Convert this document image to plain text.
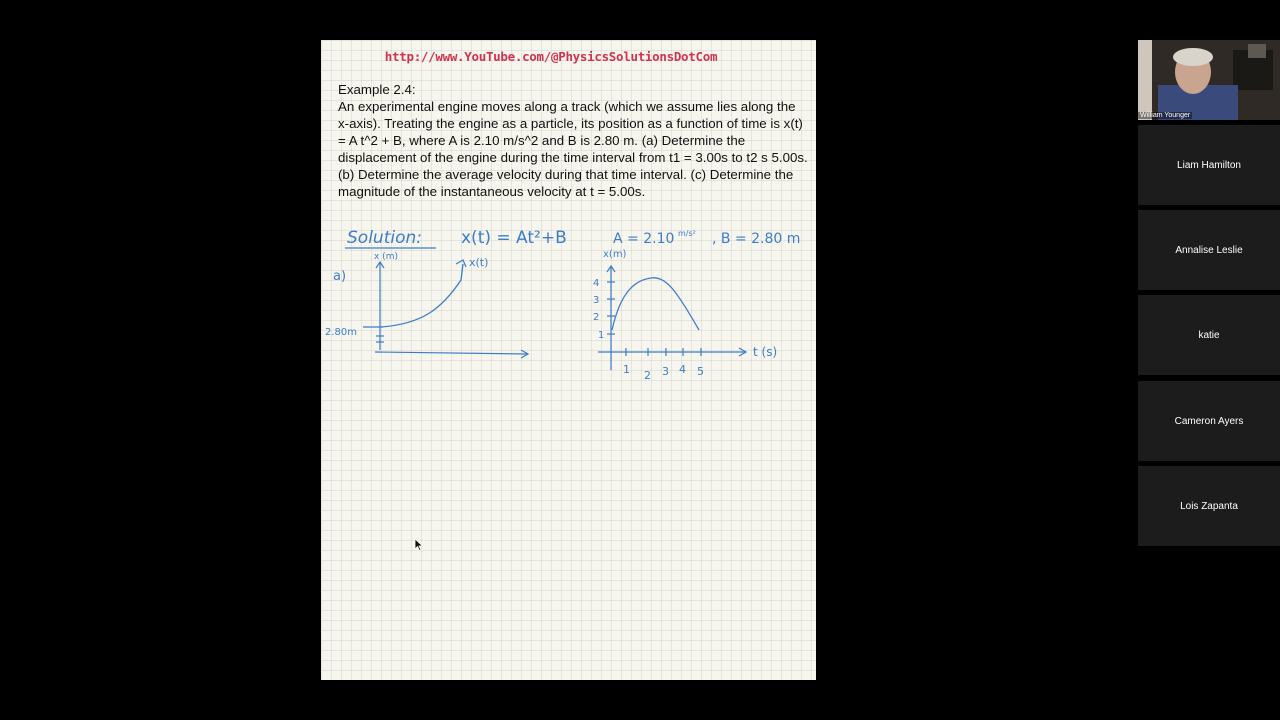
http://www.YouTube.com/@PhysicsSolutionsDotCom
Example 2.4:
An experimental engine moves along a track (which we assume lies along the x-axis). Treating the engine as a particle, its position as a function of time is x(t) = A t^2 + B, where A is 2.10 m/s^2 and B is 2.80 m. (a) Determine the displacement of the engine during the time interval from t1 = 3.00s to t2 s 5.00s. (b) Determine the average velocity during that time interval. (c) Determine the magnitude of the instantaneous velocity at t = 5.00s.
Solution: x(t) = At²+B	A = 2.10 m/s² , B = 2.80 m
a)
x (m)	x(t)
2.80m
x(m)
4
3
2
1
1 2 3 4 5
t (s)
William Younger
Liam Hamilton
Annalise Leslie
katie
Cameron Ayers
Lois Zapanta
